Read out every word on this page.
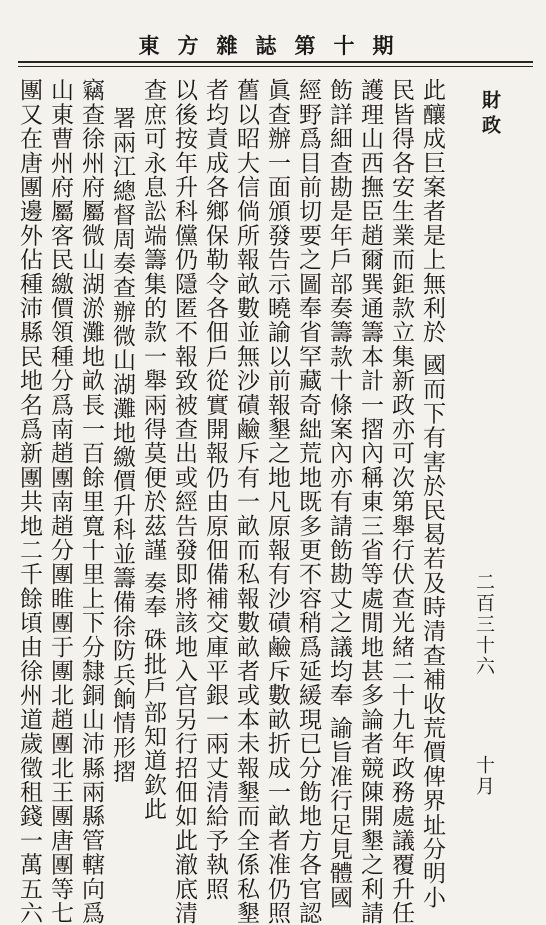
東方雜誌第十期
財政
二百三十六
十月
此釀成巨案者是上無利於 國而下有害於民曷若及時清查補收荒價俾界址分明小
民皆得各安生業而鉅款立集新政亦可次第舉行伏查光緒二十九年政務處議覆升任
護理山西撫臣趙爾巽通籌本計一摺內稱東三省等處閒地甚多論者競陳開墾之利請
飭詳細查勘是年戶部奏籌款十條案內亦有請飭勘丈之議均奉 諭旨准行足見體國
經野爲目前切要之圖奉省罕藏奇絀荒地既多更不容稍爲延緩現已分飭地方各官認
眞查辦一面頒發告示曉諭以前報墾之地凡原報有沙磧鹼斥數畝折成一畝者准仍照
舊以昭大信倘所報畝數並無沙磧鹼斥有一畝而私報數畝者或本未報墾而全係私墾
者均責成各鄉保勒令各佃戶從實開報仍由原佃備補交庫平銀一兩丈清給予執照
以後按年升科儻仍隱匿不報致被查出或經告發即將該地入官另行招佃如此澈底清
查庶可永息訟端籌集的款一舉兩得莫便於茲謹 奏奉 硃批戶部知道欽此
署兩江總督周奏查辦微山湖灘地繳價升科並籌備徐防兵餉情形摺
竊查徐州府屬微山湖淤灘地畝長一百餘里寬十里上下分隸銅山沛縣兩縣管轄向爲
山東曹州府屬客民繳價領種分爲南趙團南趙分團睢團于團北趙團北王團唐團等七
團又在唐團邊外佔種沛縣民地名爲新團共地二千餘頃由徐州道歲徵租錢一萬五六
